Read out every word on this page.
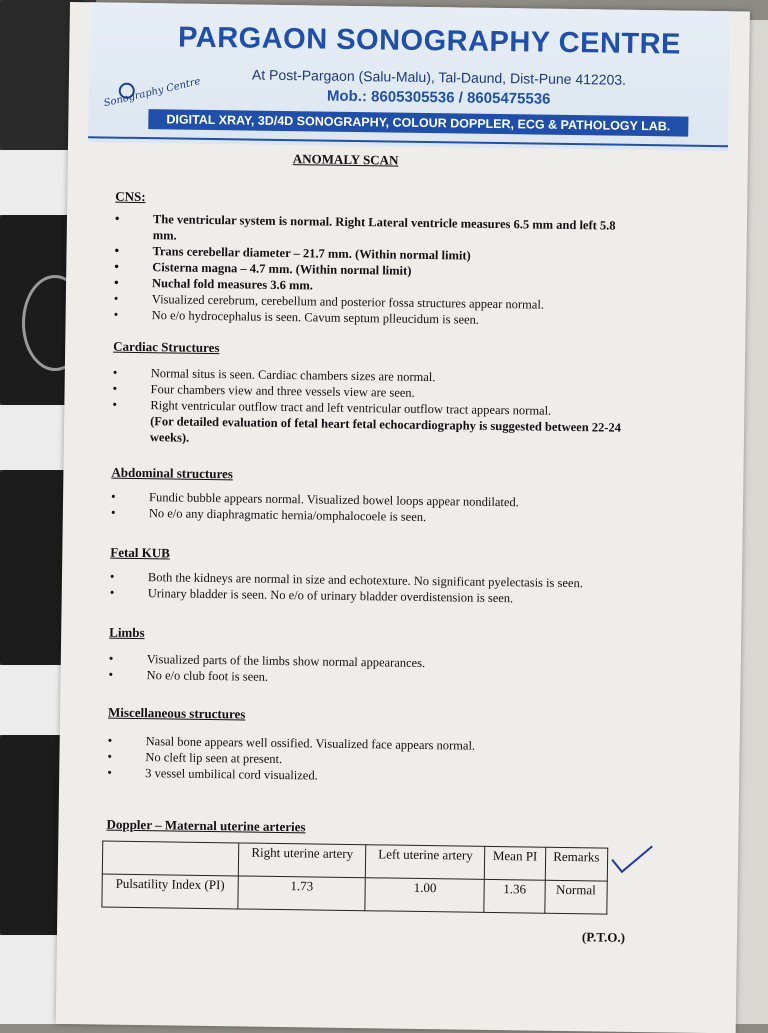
Sonography Centre
PARGAON SONOGRAPHY CENTRE
At Post-Pargaon (Salu-Malu), Tal-Daund, Dist-Pune 412203.
Mob.: 8605305536 / 8605475536
DIGITAL XRAY, 3D/4D SONOGRAPHY, COLOUR DOPPLER, ECG & PATHOLOGY LAB.
ANOMALY SCAN
CNS:
• The ventricular system is normal. Right Lateral ventricle measures 6.5 mm and left 5.8 mm.
• Trans cerebellar diameter – 21.7 mm. (Within normal limit)
• Cisterna magna – 4.7 mm. (Within normal limit)
• Nuchal fold measures 3.6 mm.
• Visualized cerebrum, cerebellum and posterior fossa structures appear normal.
• No e/o hydrocephalus is seen. Cavum septum plleucidum is seen.
Cardiac Structures
• Normal situs is seen. Cardiac chambers sizes are normal.
• Four chambers view and three vessels view are seen.
• Right ventricular outflow tract and left ventricular outflow tract appears normal.
(For detailed evaluation of fetal heart fetal echocardiography is suggested between 22-24 weeks).
Abdominal structures
• Fundic bubble appears normal. Visualized bowel loops appear nondilated.
• No e/o any diaphragmatic hernia/omphalocoele is seen.
Fetal KUB
• Both the kidneys are normal in size and echotexture. No significant pyelectasis is seen.
• Urinary bladder is seen. No e/o of urinary bladder overdistension is seen.
Limbs
• Visualized parts of the limbs show normal appearances.
• No e/o club foot is seen.
Miscellaneous structures
• Nasal bone appears well ossified. Visualized face appears normal.
• No cleft lip seen at present.
• 3 vessel umbilical cord visualized.
Doppler – Maternal uterine arteries
	Right uterine artery	Left uterine artery	Mean PI	Remarks
Pulsatility Index (PI)	1.73	1.00	1.36	Normal
(P.T.O.)
